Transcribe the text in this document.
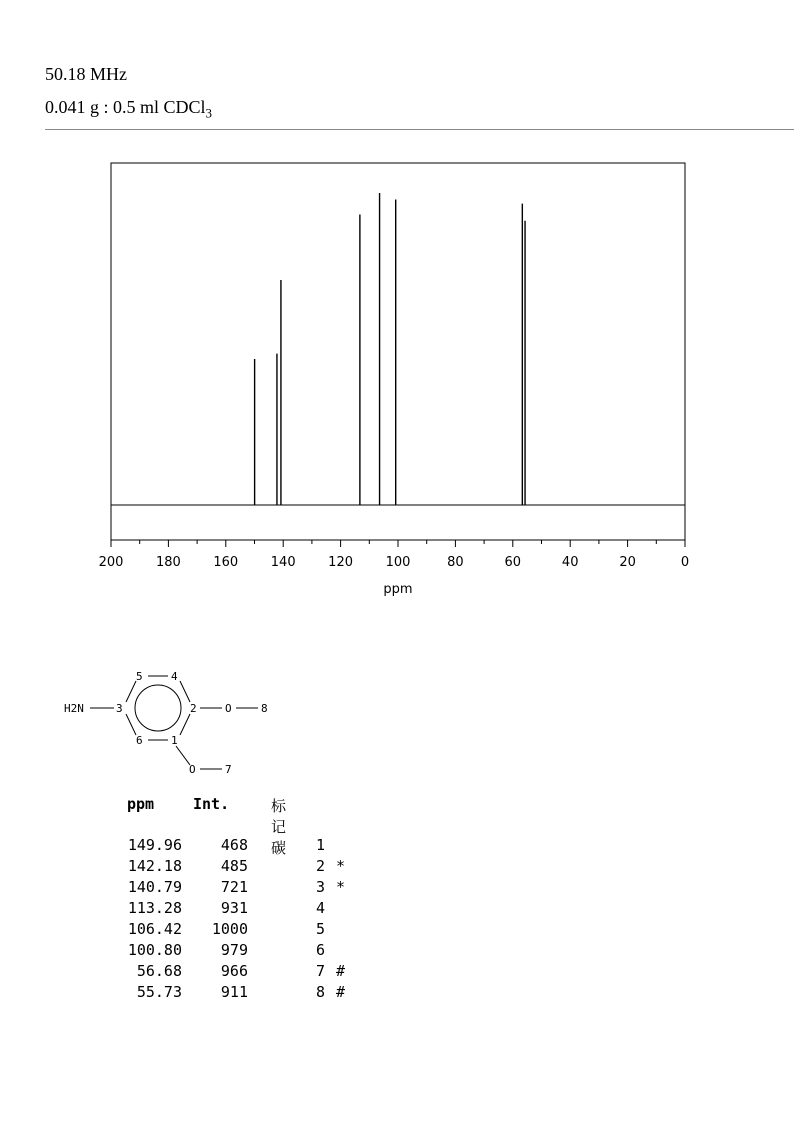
50.18 MHz
0.041 g : 0.5 ml CDCl$_3$
200	180	160	140	120	100	80	60	40	20	0
ppm
H2N	3
5	4
2
6	1
O	8
O	7
ppm	Int.	标记碳
149.96	468	1
142.18	485	2 *
140.79	721	3 *
113.28	931	4
106.42	1000	5
100.80	979	6
56.68	966	7 #
55.73	911	8 #
